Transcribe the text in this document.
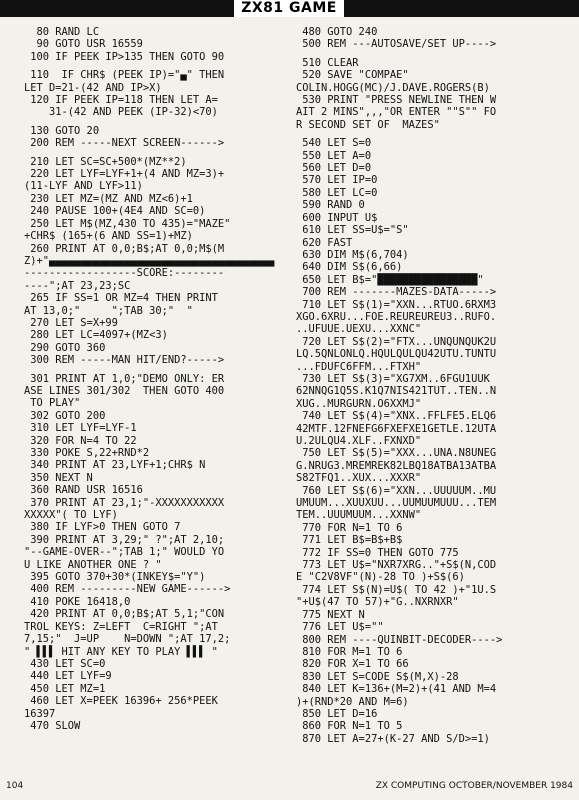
ZX81 GAME
80 RAND LC
90 GOTO USR 16559
100 IF PEEK IP>135 THEN GOTO 90
110  IF CHR$ (PEEK IP)="▄" THEN
LET D=21-(42 AND IP>X)
120 IF PEEK IP=118 THEN LET A=
31-(42 AND PEEK (IP-32)<70)
130 GOTO 20
200 REM -----NEXT SCREEN------>
210 LET SC=SC+500*(MZ**2)
220 LET LYF=LYF+1+(4 AND MZ=3)+
(11-LYF AND LYF>11)
230 LET MZ=(MZ AND MZ<6)+1
240 PAUSE 100+(4E4 AND SC=0)
250 LET M$(MZ,430 TO 435)="MAZE"
+CHR$ (165+(6 AND SS=1)+MZ)
260 PRINT AT 0,0;B$;AT 0,0;M$(M
Z)+"▄▄▄▄▄▄▄▄▄▄▄▄▄▄▄▄▄▄▄▄▄▄▄▄▄▄▄▄▄▄▄▄▄▄▄▄
------------------SCORE:--------
----";AT 23,23;SC
265 IF SS=1 OR MZ=4 THEN PRINT
AT 13,0;"     ";TAB 30;"  "
270 LET S=X+99
280 LET LC=4097+(MZ<3)
290 GOTO 360
300 REM -----MAN HIT/END?----->
301 PRINT AT 1,0;"DEMO ONLY: ER
ASE LINES 301/302  THEN GOTO 400
TO PLAY"
302 GOTO 200
310 LET LYF=LYF-1
320 FOR N=4 TO 22
330 POKE S,22+RND*2
340 PRINT AT 23,LYF+1;CHR$ N
350 NEXT N
360 RAND USR 16516
370 PRINT AT 23,1;"-XXXXXXXXXXX
XXXXX"( TO LYF)
380 IF LYF>0 THEN GOTO 7
390 PRINT AT 3,29;" ?";AT 2,10;
"--GAME-OVER--";TAB 1;" WOULD YO
U LIKE ANOTHER ONE ? "
395 GOTO 370+30*(INKEY$="Y")
400 REM ---------NEW GAME------>
410 POKE 16418,0
420 PRINT AT 0,0;B$;AT 5,1;"CON
TROL KEYS: Z=LEFT  C=RIGHT ";AT
7,15;"  J=UP    N=DOWN ";AT 17,2;
" ▌▌▌ HIT ANY KEY TO PLAY ▌▌▌ "
430 LET SC=0
440 LET LYF=9
450 LET MZ=1
460 LET X=PEEK 16396+ 256*PEEK
16397
470 SLOW
480 GOTO 240
500 REM ---AUTOSAVE/SET UP---->
510 CLEAR
520 SAVE "COMPAE"
COLIN.HOGG(MC)/J.DAVE.ROGERS(B)
530 PRINT "PRESS NEWLINE THEN W
AIT 2 MINS",,,"OR ENTER ""S"" FO
R SECOND SET OF  MAZES"
540 LET S=0
550 LET A=0
560 LET D=0
570 LET IP=0
580 LET LC=0
590 RAND 0
600 INPUT U$
610 LET SS=U$="S"
620 FAST
630 DIM M$(6,704)
640 DIM S$(6,66)
650 LET B$="████████████████"
700 REM -------MAZES-DATA----->
710 LET S$(1)="XXN...RTUO.6RXM3
XGO.6XRU...FOE.REUREUREU3..RUFO.
..UFUUE.UEXU...XXNC"
720 LET S$(2)="FTX...UNQUNQUK2U
LQ.5QNLONLQ.HQULQULQU42UTU.TUNTU
...FDUFC6FFM...FTXH"
730 LET S$(3)="XG7XM..6FGU1UUK
62NNQG1Q5S.K1Q7NIS421TUT..TEN..N
XUG..MURGURN.O6XXMJ"
740 LET S$(4)="XNX..FFLFE5.ELQ6
42MTF.12FNEFG6FXEFXE1GETLE.12UTA
U.2ULQU4.XLF..FXNXD"
750 LET S$(5)="XXX...UNA.N8UNEG
G.NRUG3.MREMREK82LBQ18ATBA13ATBA
S82TFQ1..XUX...XXXR"
760 LET S$(6)="XXN...UUUUUM..MU
UMUUM...XUUXUU...UUMUUMUUU...TEM
TEM..UUUMUUM...XXNW"
770 FOR N=1 TO 6
771 LET B$=B$+B$
772 IF SS=0 THEN GOTO 775
773 LET U$="NXR7XRG.."+S$(N,COD
E "C2V8VF"(N)-28 TO )+S$(6)
774 LET S$(N)=U$( TO 42 )+"1U.S
"+U$(47 TO 57)+"G..NXRNXR"
775 NEXT N
776 LET U$=""
800 REM ----QUINBIT-DECODER---->
810 FOR M=1 TO 6
820 FOR X=1 TO 66
830 LET S=CODE S$(M,X)-28
840 LET K=136+(M=2)+(41 AND M=4
)+(RND*20 AND M=6)
850 LET D=16
860 FOR N=1 TO 5
870 LET A=27+(K-27 AND S/D>=1)
104	ZX COMPUTING OCTOBER/NOVEMBER 1984
